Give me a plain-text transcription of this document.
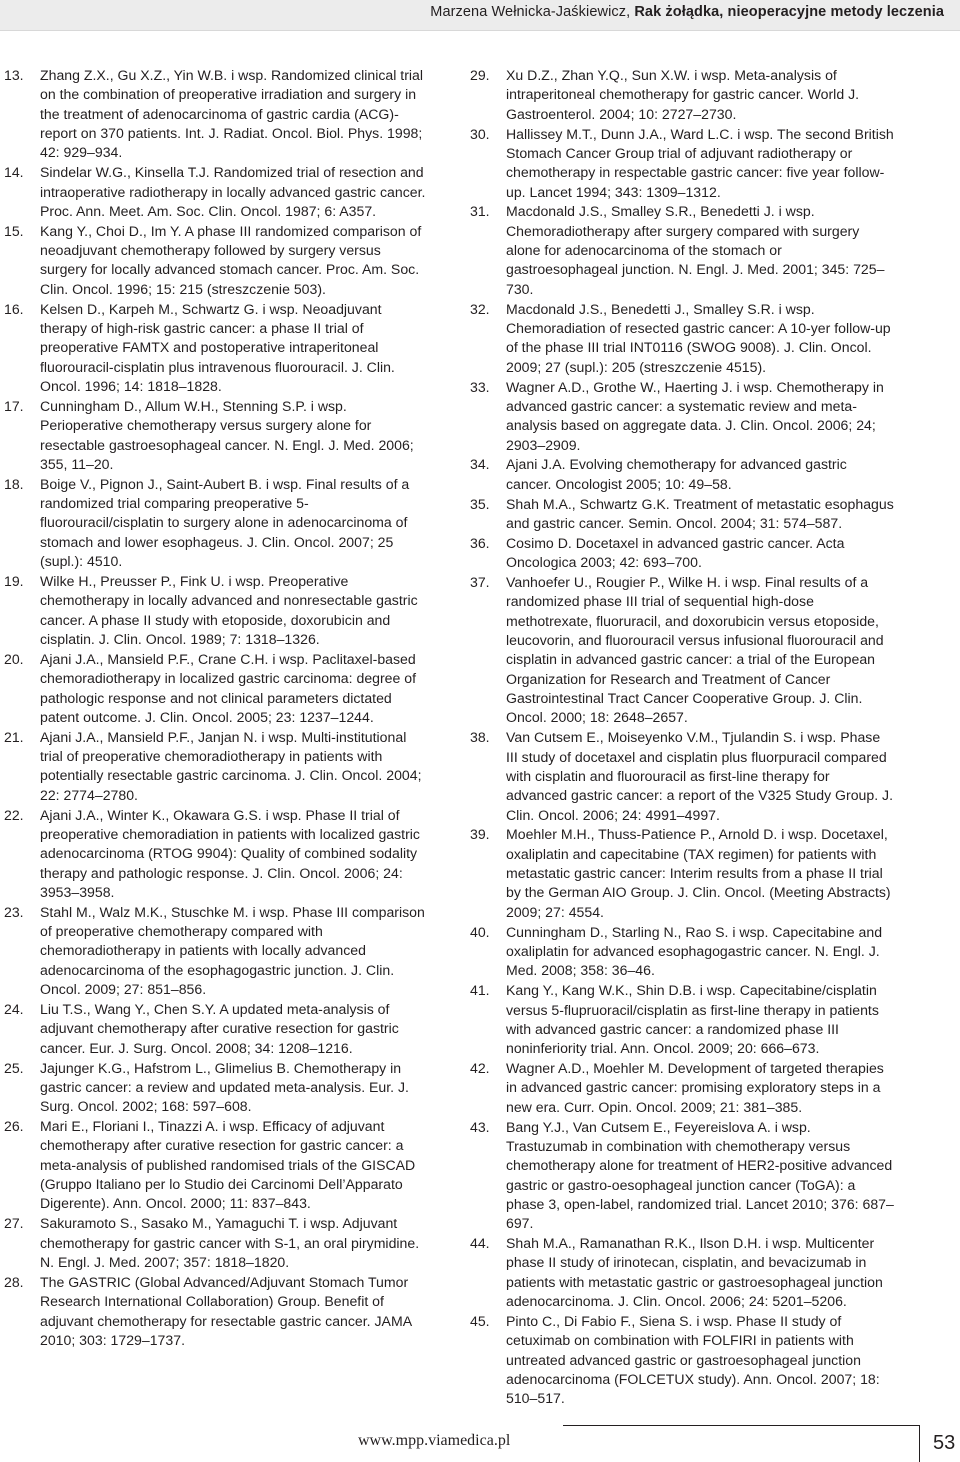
Marzena Wełnicka-Jaśkiewicz, Rak żołądka, nieoperacyjne metody leczenia
13.	Zhang Z.X., Gu X.Z., Yin W.B. i wsp. Randomized clinical trial on the combination of preoperative irradiation and surgery in the treatment of adenocarcinoma of gastric cardia (ACG)-report on 370 patients. Int. J. Radiat. Oncol. Biol. Phys. 1998; 42: 929–934.
14.	Sindelar W.G., Kinsella T.J. Randomized trial of resection and intraoperative radiotherapy in locally advanced gastric cancer. Proc. Ann. Meet. Am. Soc. Clin. Oncol. 1987; 6: A357.
15.	Kang Y., Choi D., Im Y. A phase III randomized comparison of neoadjuvant chemotherapy followed by surgery versus surgery for locally advanced stomach cancer. Proc. Am. Soc. Clin. Oncol. 1996; 15: 215 (streszczenie 503).
16.	Kelsen D., Karpeh M., Schwartz G. i wsp. Neoadjuvant therapy of high-risk gastric cancer: a phase II trial of preoperative FAMTX and postoperative intraperitoneal fluorouracil-cisplatin plus intravenous fluorouracil. J. Clin. Oncol. 1996; 14: 1818–1828.
17.	Cunningham D., Allum W.H., Stenning S.P. i wsp. Perioperative chemotherapy versus surgery alone for resectable gastroesophageal cancer. N. Engl. J. Med. 2006; 355, 11–20.
18.	Boige V., Pignon J., Saint-Aubert B. i wsp. Final results of a randomized trial comparing preoperative 5-fluorouracil/cisplatin to surgery alone in adenocarcinoma of stomach and lower esophageus. J. Clin. Oncol. 2007; 25 (supl.): 4510.
19.	Wilke H., Preusser P., Fink U. i wsp. Preoperative chemotherapy in locally advanced and nonresectable gastric cancer. A phase II study with etoposide, doxorubicin and cisplatin. J. Clin. Oncol. 1989; 7: 1318–1326.
20.	Ajani J.A., Mansield P.F., Crane C.H. i wsp. Paclitaxel-based chemoradiotherapy in localized gastric carcinoma: degree of pathologic response and not clinical parameters dictated patent outcome. J. Clin. Oncol. 2005; 23: 1237–1244.
21.	Ajani J.A., Mansield P.F., Janjan N. i wsp. Multi-institutional trial of preoperative chemoradiotherapy in patients with potentially resectable gastric carcinoma. J. Clin. Oncol. 2004; 22: 2774–2780.
22.	Ajani J.A., Winter K., Okawara G.S. i wsp. Phase II trial of preoperative chemoradiation in patients with localized gastric adenocarcinoma (RTOG 9904): Quality of combined sodality therapy and pathologic response. J. Clin. Oncol. 2006; 24: 3953–3958.
23.	Stahl M., Walz M.K., Stuschke M. i wsp. Phase III comparison of preoperative chemotherapy compared with chemoradiotherapy in patients with locally advanced adenocarcinoma of the esophagogastric junction. J. Clin. Oncol. 2009; 27: 851–856.
24.	Liu T.S., Wang Y., Chen S.Y. A updated meta-analysis of adjuvant chemotherapy after curative resection for gastric cancer. Eur. J. Surg. Oncol. 2008; 34: 1208–1216.
25.	Jajunger K.G., Hafstrom L., Glimelius B. Chemotherapy in gastric cancer: a review and updated meta-analysis. Eur. J. Surg. Oncol. 2002; 168: 597–608.
26.	Mari E., Floriani I., Tinazzi A. i wsp. Efficacy of adjuvant chemotherapy after curative resection for gastric cancer: a meta-analysis of published randomised trials of the GISCAD (Gruppo Italiano per lo Studio dei Carcinomi Dell’Apparato Digerente). Ann. Oncol. 2000; 11: 837–843.
27.	Sakuramoto S., Sasako M., Yamaguchi T. i wsp. Adjuvant chemotherapy for gastric cancer with S-1, an oral pirymidine. N. Engl. J. Med. 2007; 357: 1818–1820.
28.	The GASTRIC (Global Advanced/Adjuvant Stomach Tumor Research International Collaboration) Group. Benefit of adjuvant chemotherapy for resectable gastric cancer. JAMA 2010; 303: 1729–1737.
29.	Xu D.Z., Zhan Y.Q., Sun X.W. i wsp. Meta-analysis of intraperitoneal chemotherapy for gastric cancer. World J. Gastroenterol. 2004; 10: 2727–2730.
30.	Hallissey M.T., Dunn J.A., Ward L.C. i wsp. The second British Stomach Cancer Group trial of adjuvant radiotherapy or chemotherapy in respectable gastric cancer: five year follow-up. Lancet 1994; 343: 1309–1312.
31.	Macdonald J.S., Smalley S.R., Benedetti J. i wsp. Chemoradiotherapy after surgery compared with surgery alone for adenocarcinoma of the stomach or gastroesophageal junction. N. Engl. J. Med. 2001; 345: 725–730.
32.	Macdonald J.S., Benedetti J., Smalley S.R. i wsp. Chemoradiation of resected gastric cancer: A 10-yer follow-up of the phase III trial INT0116 (SWOG 9008). J. Clin. Oncol. 2009; 27 (supl.): 205 (streszczenie 4515).
33.	Wagner A.D., Grothe W., Haerting J. i wsp. Chemotherapy in advanced gastric cancer: a systematic review and meta-analysis based on aggregate data. J. Clin. Oncol. 2006; 24; 2903–2909.
34.	Ajani J.A. Evolving chemotherapy for advanced gastric cancer. Oncologist 2005; 10: 49–58.
35.	Shah M.A., Schwartz G.K. Treatment of metastatic esophagus and gastric cancer. Semin. Oncol. 2004; 31: 574–587.
36.	Cosimo D. Docetaxel in advanced gastric cancer. Acta Oncologica 2003; 42: 693–700.
37.	Vanhoefer U., Rougier P., Wilke H. i wsp. Final results of a randomized phase III trial of sequential high-dose methotrexate, fluoruracil, and doxorubicin versus etoposide, leucovorin, and fluorouracil versus infusional fluorouracil and cisplatin in advanced gastric cancer: a trial of the European Organization for Research and Treatment of Cancer Gastrointestinal Tract Cancer Cooperative Group. J. Clin. Oncol. 2000; 18: 2648–2657.
38.	Van Cutsem E., Moiseyenko V.M., Tjulandin S. i wsp. Phase III study of docetaxel and cisplatin plus fluorpuracil compared with cisplatin and fluorouracil as first-line therapy for advanced gastric cancer: a report of the V325 Study Group. J. Clin. Oncol. 2006; 24: 4991–4997.
39.	Moehler M.H., Thuss-Patience P., Arnold D. i wsp. Docetaxel, oxaliplatin and capecitabine (TAX regimen) for patients with metastatic gastric cancer: Interim results from a phase II trial by the German AIO Group. J. Clin. Oncol. (Meeting Abstracts) 2009; 27: 4554.
40.	Cunningham D., Starling N., Rao S. i wsp. Capecitabine and oxaliplatin for advanced esophagogastric cancer. N. Engl. J. Med. 2008; 358: 36–46.
41.	Kang Y., Kang W.K., Shin D.B. i wsp. Capecitabine/cisplatin versus 5-flupruoracil/cisplatin as first-line therapy in patients with advanced gastric cancer: a randomized phase III noninferiority trial. Ann. Oncol. 2009; 20: 666–673.
42.	Wagner A.D., Moehler M. Development of targeted therapies in advanced gastric cancer: promising exploratory steps in a new era. Curr. Opin. Oncol. 2009; 21: 381–385.
43.	Bang Y.J., Van Cutsem E., Feyereislova A. i wsp. Trastuzumab in combination with chemotherapy versus chemotherapy alone for treatment of HER2-positive advanced gastric or gastro-oesophageal junction cancer (ToGA): a phase 3, open-label, randomized trial. Lancet 2010; 376: 687–697.
44.	Shah M.A., Ramanathan R.K., Ilson D.H. i wsp. Multicenter phase II study of irinotecan, cisplatin, and bevacizumab in patients with metastatic gastric or gastroesophageal junction adenocarcinoma. J. Clin. Oncol. 2006; 24: 5201–5206.
45.	Pinto C., Di Fabio F., Siena S. i wsp. Phase II study of cetuximab on combination with FOLFIRI in patients with untreated advanced gastric or gastroesophageal junction adenocarcinoma (FOLCETUX study). Ann. Oncol. 2007; 18: 510–517.
www.mpp.viamedica.pl	53
